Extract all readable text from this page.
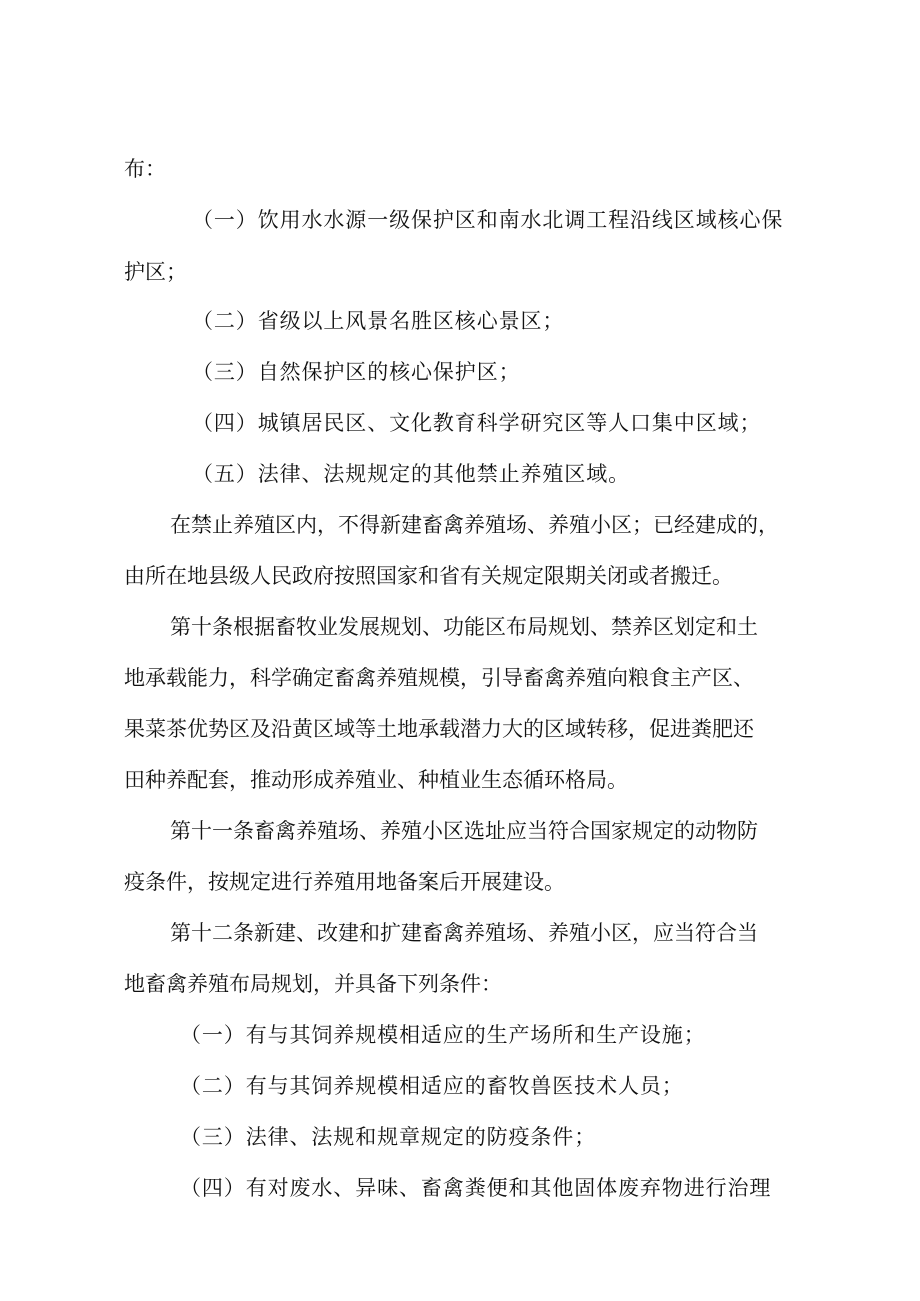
布：

（一）饮用水水源一级保护区和南水北调工程沿线区域核心保

护区；

（二）省级以上风景名胜区核心景区；

（三）自然保护区的核心保护区；

（四）城镇居民区、文化教育科学研究区等人口集中区域；

（五）法律、法规规定的其他禁止养殖区域。

在禁止养殖区内，不得新建畜禽养殖场、养殖小区；已经建成的，

由所在地县级人民政府按照国家和省有关规定限期关闭或者搬迁。

第十条根据畜牧业发展规划、功能区布局规划、禁养区划定和土

地承载能力，科学确定畜禽养殖规模，引导畜禽养殖向粮食主产区、

果菜茶优势区及沿黄区域等土地承载潜力大的区域转移，促进粪肥还

田种养配套，推动形成养殖业、种植业生态循环格局。

第十一条畜禽养殖场、养殖小区选址应当符合国家规定的动物防

疫条件，按规定进行养殖用地备案后开展建设。

第十二条新建、改建和扩建畜禽养殖场、养殖小区，应当符合当

地畜禽养殖布局规划，并具备下列条件：

（一）有与其饲养规模相适应的生产场所和生产设施；

（二）有与其饲养规模相适应的畜牧兽医技术人员；

（三）法律、法规和规章规定的防疫条件；

（四）有对废水、异味、畜禽粪便和其他固体废弃物进行治理
